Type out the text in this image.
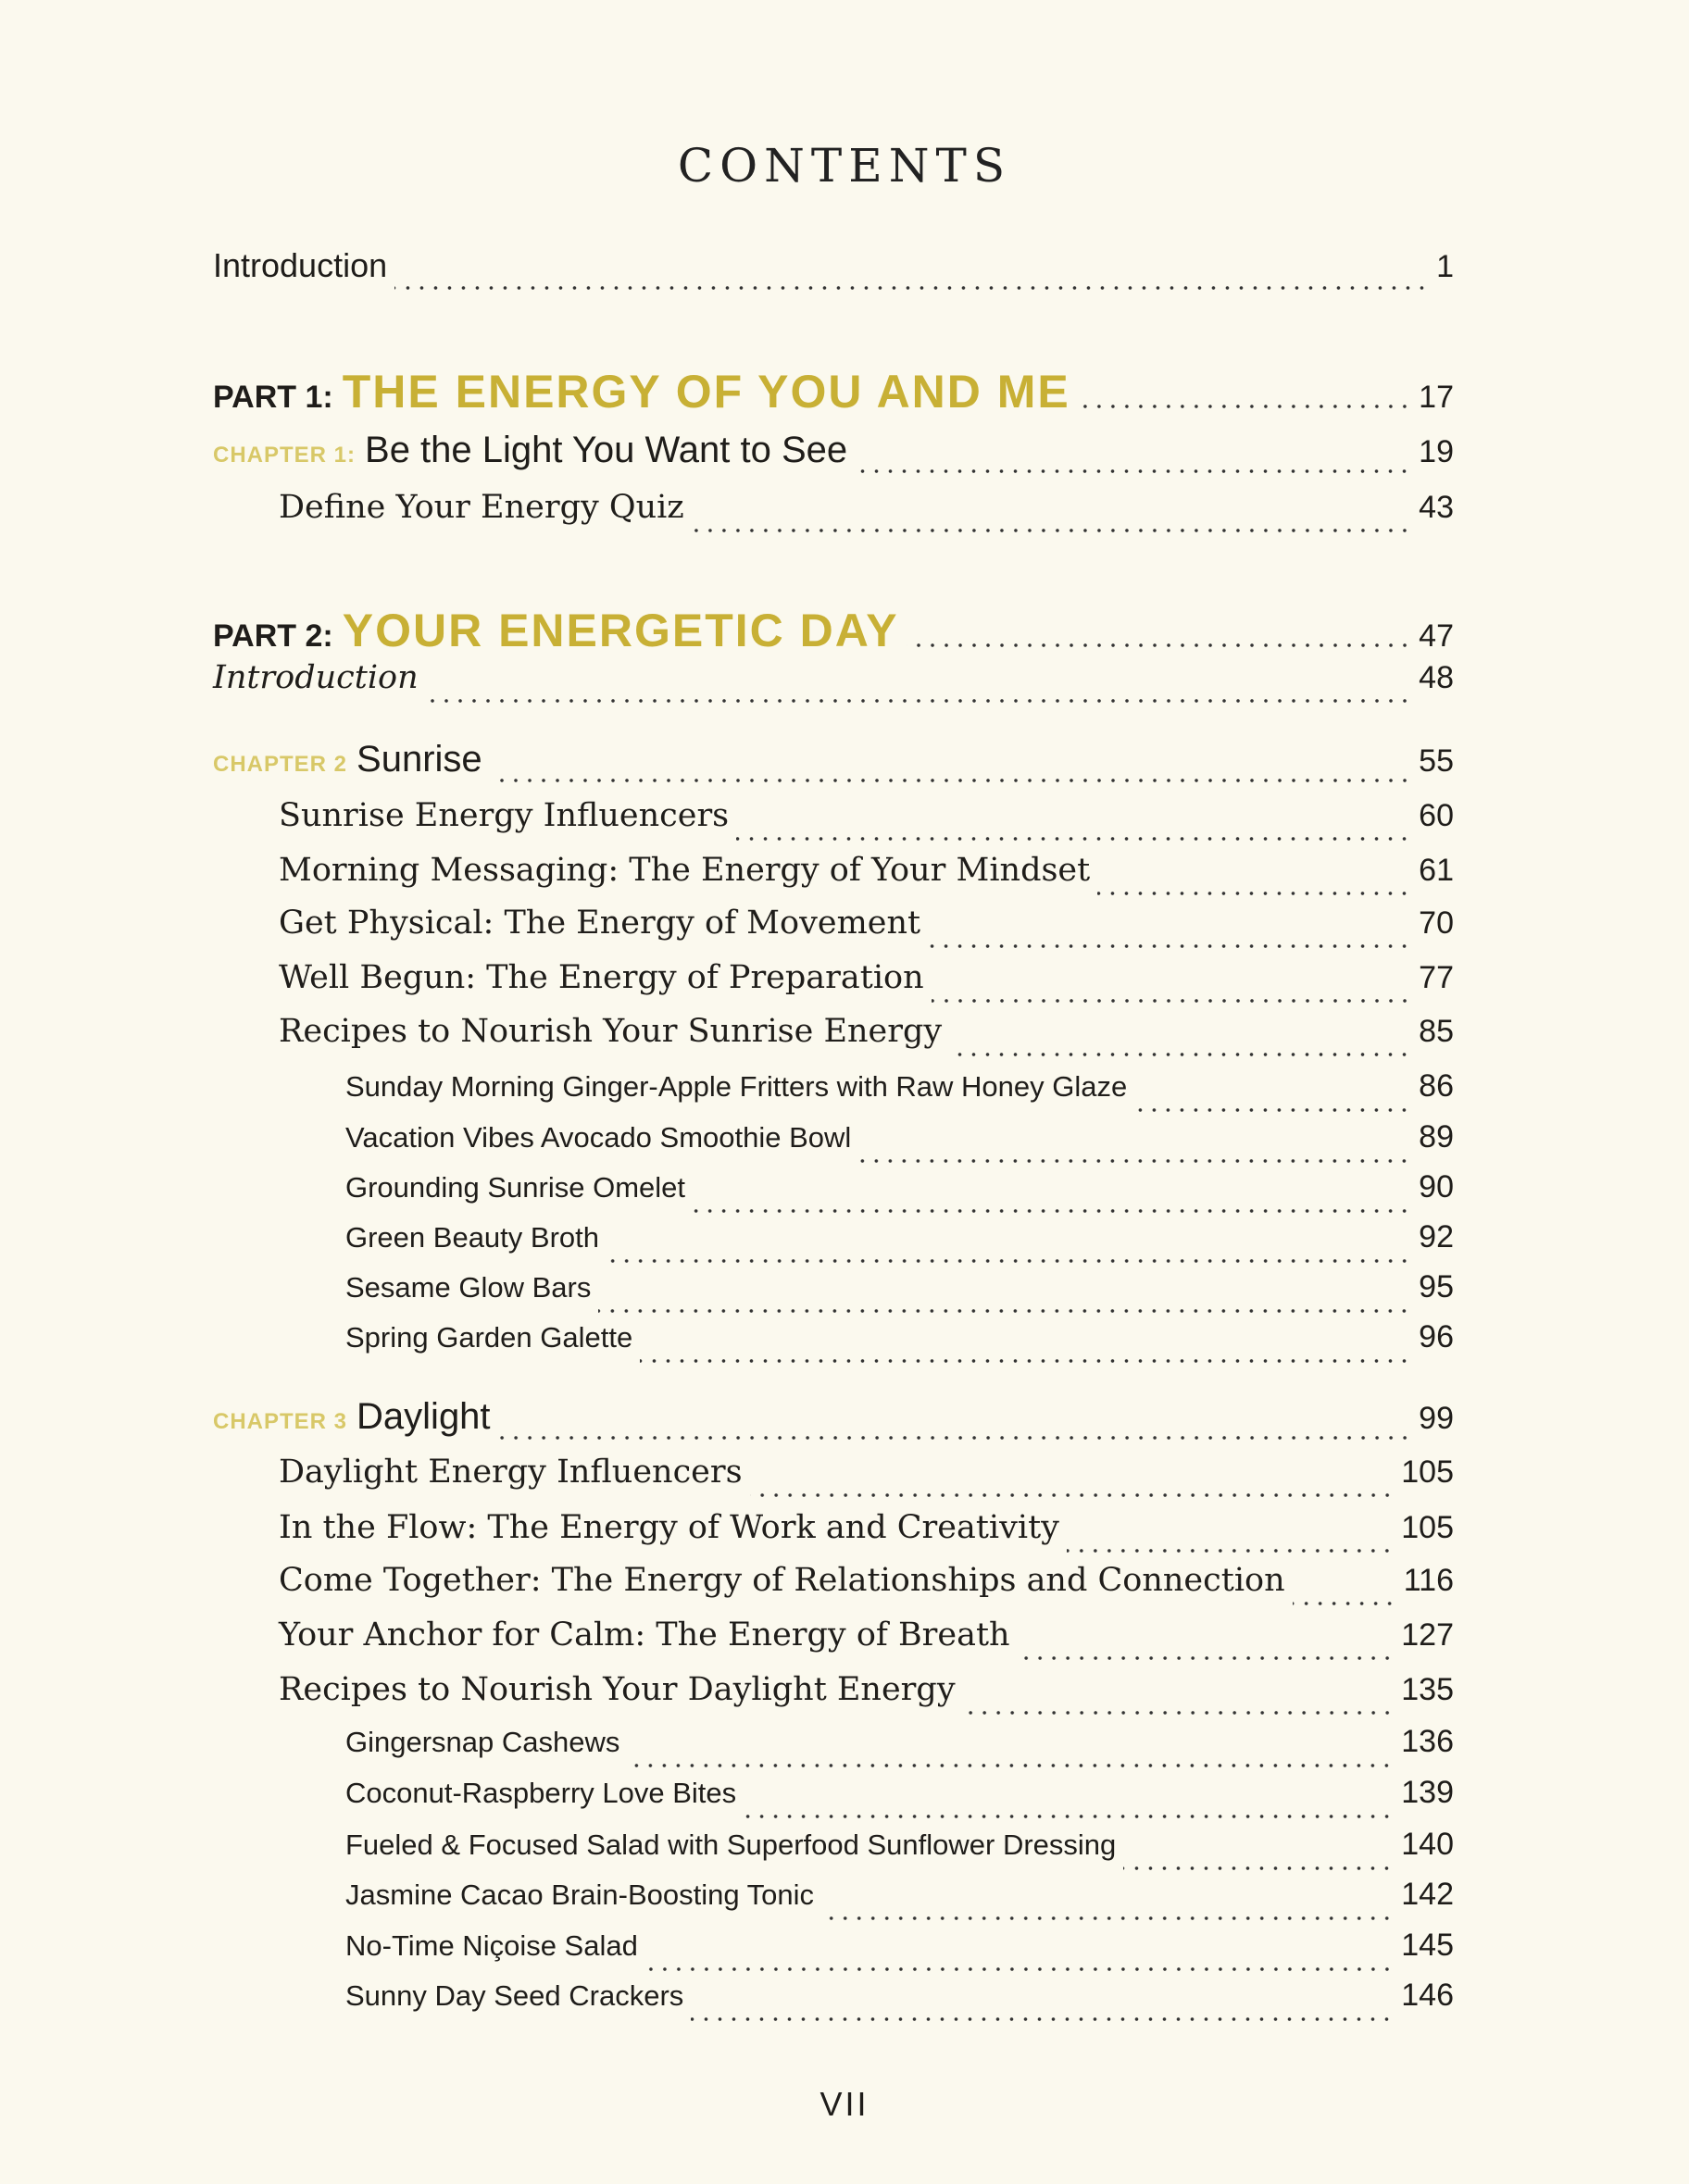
CONTENTS
Introduction	1
PART 1: THE ENERGY OF YOU AND ME	17
CHAPTER 1: Be the Light You Want to See	19
Define Your Energy Quiz	43
PART 2: YOUR ENERGETIC DAY	47
Introduction	48
CHAPTER 2 Sunrise	55
Sunrise Energy Influencers	60
Morning Messaging: The Energy of Your Mindset	61
Get Physical: The Energy of Movement	70
Well Begun: The Energy of Preparation	77
Recipes to Nourish Your Sunrise Energy	85
Sunday Morning Ginger-Apple Fritters with Raw Honey Glaze	86
Vacation Vibes Avocado Smoothie Bowl	89
Grounding Sunrise Omelet	90
Green Beauty Broth	92
Sesame Glow Bars	95
Spring Garden Galette	96
CHAPTER 3 Daylight	99
Daylight Energy Influencers	105
In the Flow: The Energy of Work and Creativity	105
Come Together: The Energy of Relationships and Connection	116
Your Anchor for Calm: The Energy of Breath	127
Recipes to Nourish Your Daylight Energy	135
Gingersnap Cashews	136
Coconut-Raspberry Love Bites	139
Fueled & Focused Salad with Superfood Sunflower Dressing	140
Jasmine Cacao Brain-Boosting Tonic	142
No-Time Niçoise Salad	145
Sunny Day Seed Crackers	146
VII
